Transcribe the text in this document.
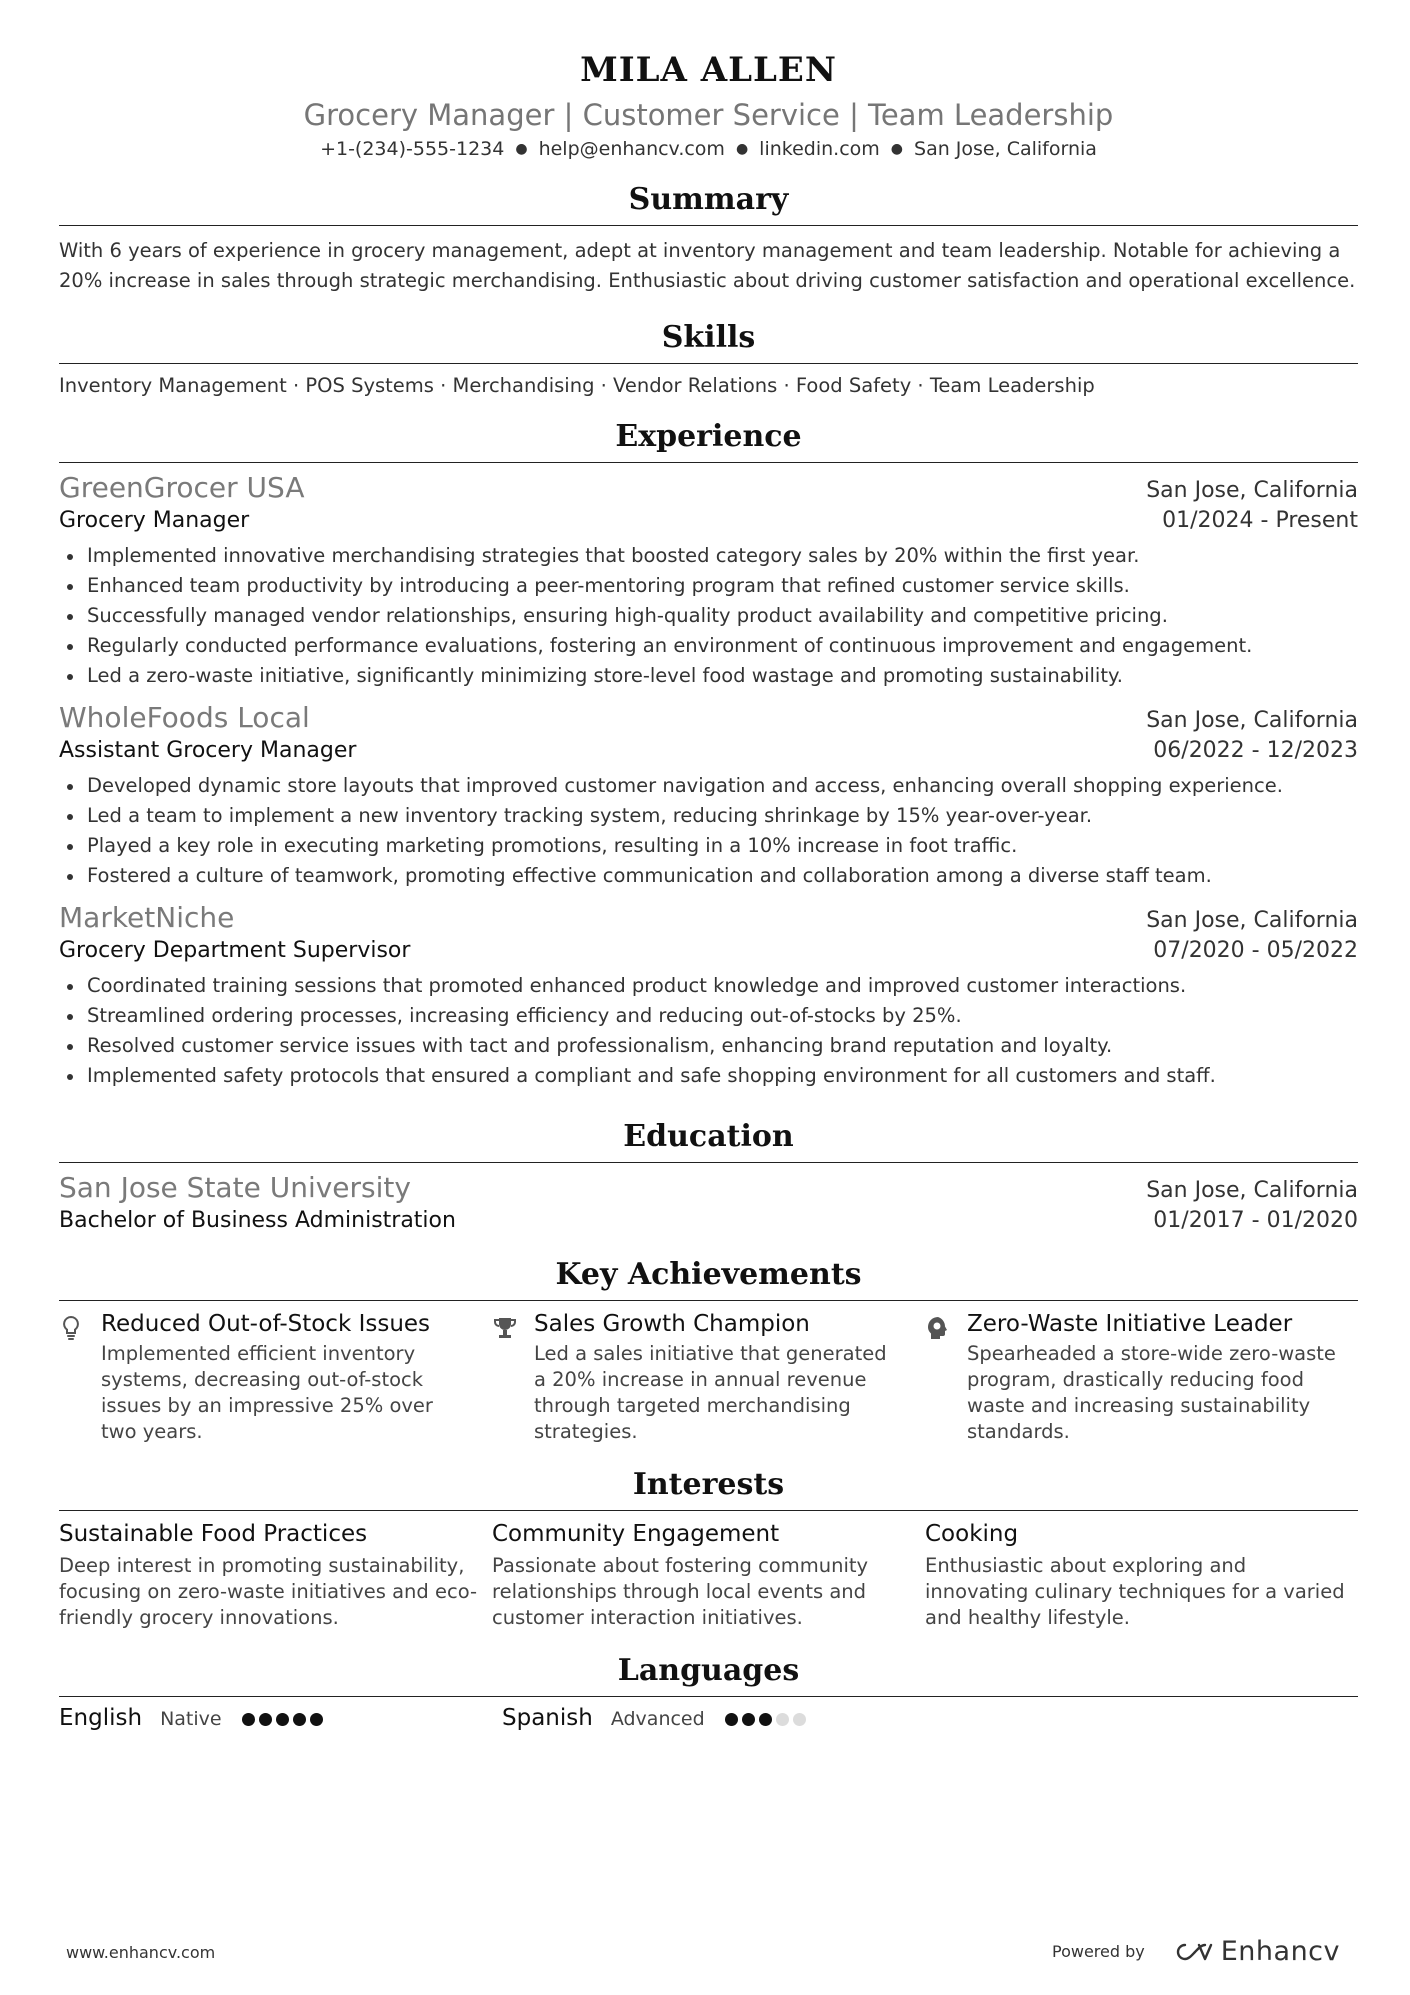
MILA ALLEN
Grocery Manager | Customer Service | Team Leadership
+1-(234)-555-1234 ● help@enhancv.com ● linkedin.com ● San Jose, California
Summary
With 6 years of experience in grocery management, adept at inventory management and team leadership. Notable for achieving a 20% increase in sales through strategic merchandising. Enthusiastic about driving customer satisfaction and operational excellence.
Skills
Inventory Management · POS Systems · Merchandising · Vendor Relations · Food Safety · Team Leadership
Experience
GreenGrocer USA	San Jose, California
Grocery Manager	01/2024 - Present
Implemented innovative merchandising strategies that boosted category sales by 20% within the first year.
Enhanced team productivity by introducing a peer-mentoring program that refined customer service skills.
Successfully managed vendor relationships, ensuring high-quality product availability and competitive pricing.
Regularly conducted performance evaluations, fostering an environment of continuous improvement and engagement.
Led a zero-waste initiative, significantly minimizing store-level food wastage and promoting sustainability.
WholeFoods Local	San Jose, California
Assistant Grocery Manager	06/2022 - 12/2023
Developed dynamic store layouts that improved customer navigation and access, enhancing overall shopping experience.
Led a team to implement a new inventory tracking system, reducing shrinkage by 15% year-over-year.
Played a key role in executing marketing promotions, resulting in a 10% increase in foot traffic.
Fostered a culture of teamwork, promoting effective communication and collaboration among a diverse staff team.
MarketNiche	San Jose, California
Grocery Department Supervisor	07/2020 - 05/2022
Coordinated training sessions that promoted enhanced product knowledge and improved customer interactions.
Streamlined ordering processes, increasing efficiency and reducing out-of-stocks by 25%.
Resolved customer service issues with tact and professionalism, enhancing brand reputation and loyalty.
Implemented safety protocols that ensured a compliant and safe shopping environment for all customers and staff.
Education
San Jose State University	San Jose, California
Bachelor of Business Administration	01/2017 - 01/2020
Key Achievements
Reduced Out-of-Stock Issues
Implemented efficient inventory systems, decreasing out-of-stock issues by an impressive 25% over two years.
Sales Growth Champion
Led a sales initiative that generated a 20% increase in annual revenue through targeted merchandising strategies.
Zero-Waste Initiative Leader
Spearheaded a store-wide zero-waste program, drastically reducing food waste and increasing sustainability standards.
Interests
Sustainable Food Practices
Deep interest in promoting sustainability, focusing on zero-waste initiatives and eco-friendly grocery innovations.
Community Engagement
Passionate about fostering community relationships through local events and customer interaction initiatives.
Cooking
Enthusiastic about exploring and innovating culinary techniques for a varied and healthy lifestyle.
Languages
English Native	Spanish Advanced
www.enhancv.com	Powered by	Enhancv
